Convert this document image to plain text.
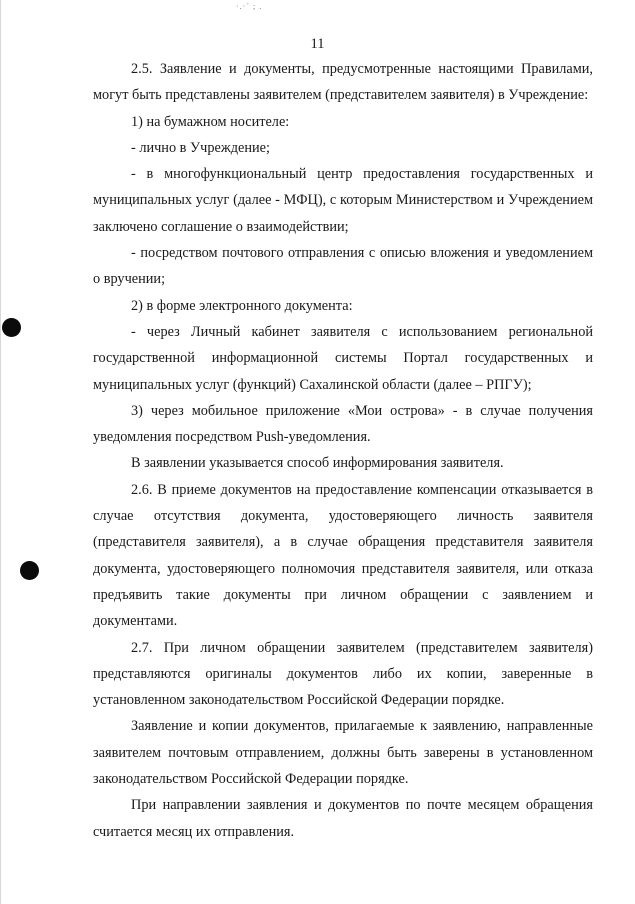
·.·´ ; .
11

2.5. Заявление и документы, предусмотренные настоящими Правилами, могут быть представлены заявителем (представителем заявителя) в Учреждение:

1) на бумажном носителе:

- лично в Учреждение;

- в многофункциональный центр предоставления государственных и муниципальных услуг (далее - МФЦ), с которым Министерством и Учреждением заключено соглашение о взаимодействии;

- посредством почтового отправления с описью вложения и уведомлением о вручении;

2) в форме электронного документа:

- через Личный кабинет заявителя с использованием региональной государственной информационной системы Портал государственных и муниципальных услуг (функций) Сахалинской области (далее – РПГУ);

3) через мобильное приложение «Мои острова» - в случае получения уведомления посредством Push-уведомления.

В заявлении указывается способ информирования заявителя.

2.6. В приеме документов на предоставление компенсации отказывается в случае отсутствия документа, удостоверяющего личность заявителя (представителя заявителя), а в случае обращения представителя заявителя документа, удостоверяющего полномочия представителя заявителя, или отказа предъявить такие документы при личном обращении с заявлением и документами.

2.7. При личном обращении заявителем (представителем заявителя) представляются оригиналы документов либо их копии, заверенные в установленном законодательством Российской Федерации порядке.

Заявление и копии документов, прилагаемые к заявлению, направленные заявителем почтовым отправлением, должны быть заверены в установленном законодательством Российской Федерации порядке.

При направлении заявления и документов по почте месяцем обращения считается месяц их отправления.
